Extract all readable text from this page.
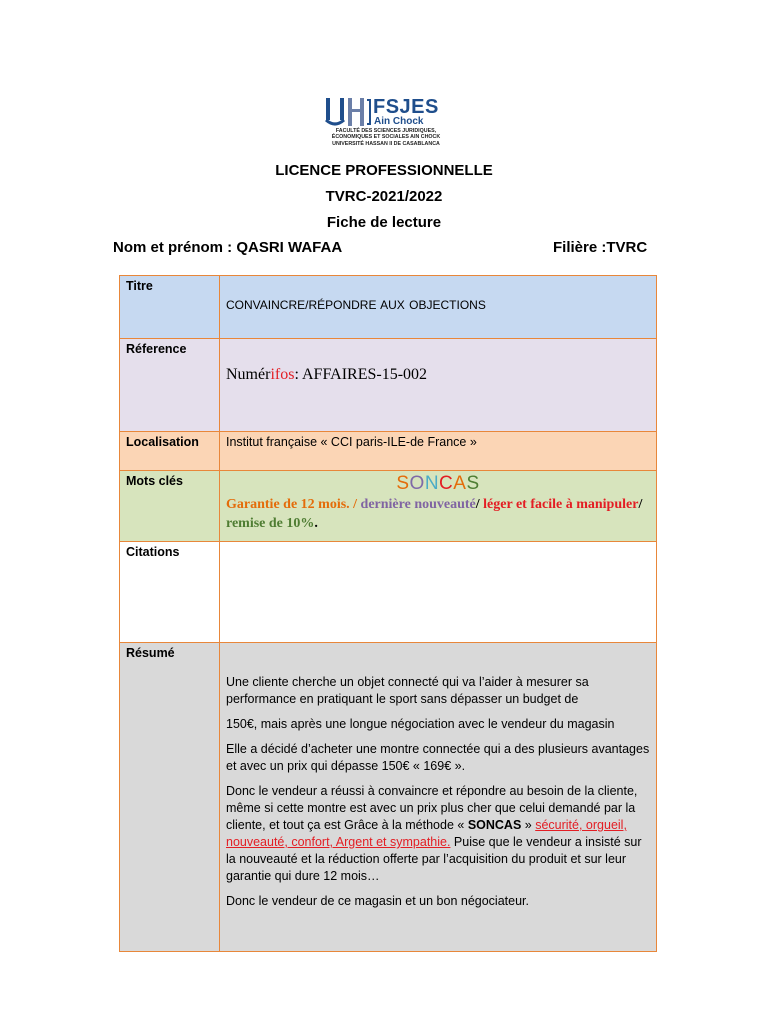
FSJES
Ain Chock
FACULTÉ DES SCIENCES JURIDIQUES,
ÉCONOMIQUES ET SOCIALES AIN CHOCK
UNIVERSITÉ HASSAN II DE CASABLANCA
LICENCE PROFESSIONNELLE
TVRC-2021/2022
Fiche de lecture
Nom et prénom : QASRI WAFAA	Filière :TVRC
Titre	CONVAINCRE/RÉPONDRE AUX OBJECTIONS

Réference	Numérifos: AFFAIRES-15-002

Localisation	Institut française « CCI paris-ILE-de France »

Mots clés	SONCAS
Garantie de 12 mois. / dernière nouveauté/ léger et facile à manipuler/ remise de 10%.

Citations	
Résumé	Une cliente cherche un objet connecté qui va l’aider à mesurer sa performance en pratiquant le sport sans dépasser un budget de

150€, mais après une longue négociation avec le vendeur du magasin

Elle a décidé d’acheter une montre connectée qui a des plusieurs avantages et avec un prix qui dépasse 150€ « 169€ ».

Donc le vendeur a réussi à convaincre et répondre au besoin de la cliente, même si cette montre est avec un prix plus cher que celui demandé par la cliente, et tout ça est Grâce à la méthode « SONCAS » sécurité, orgueil, nouveauté, confort, Argent et sympathie. Puise que le vendeur a insisté sur la nouveauté et la réduction offerte par l’acquisition du produit et sur leur garantie qui dure 12 mois…

Donc le vendeur de ce magasin et un bon négociateur.
